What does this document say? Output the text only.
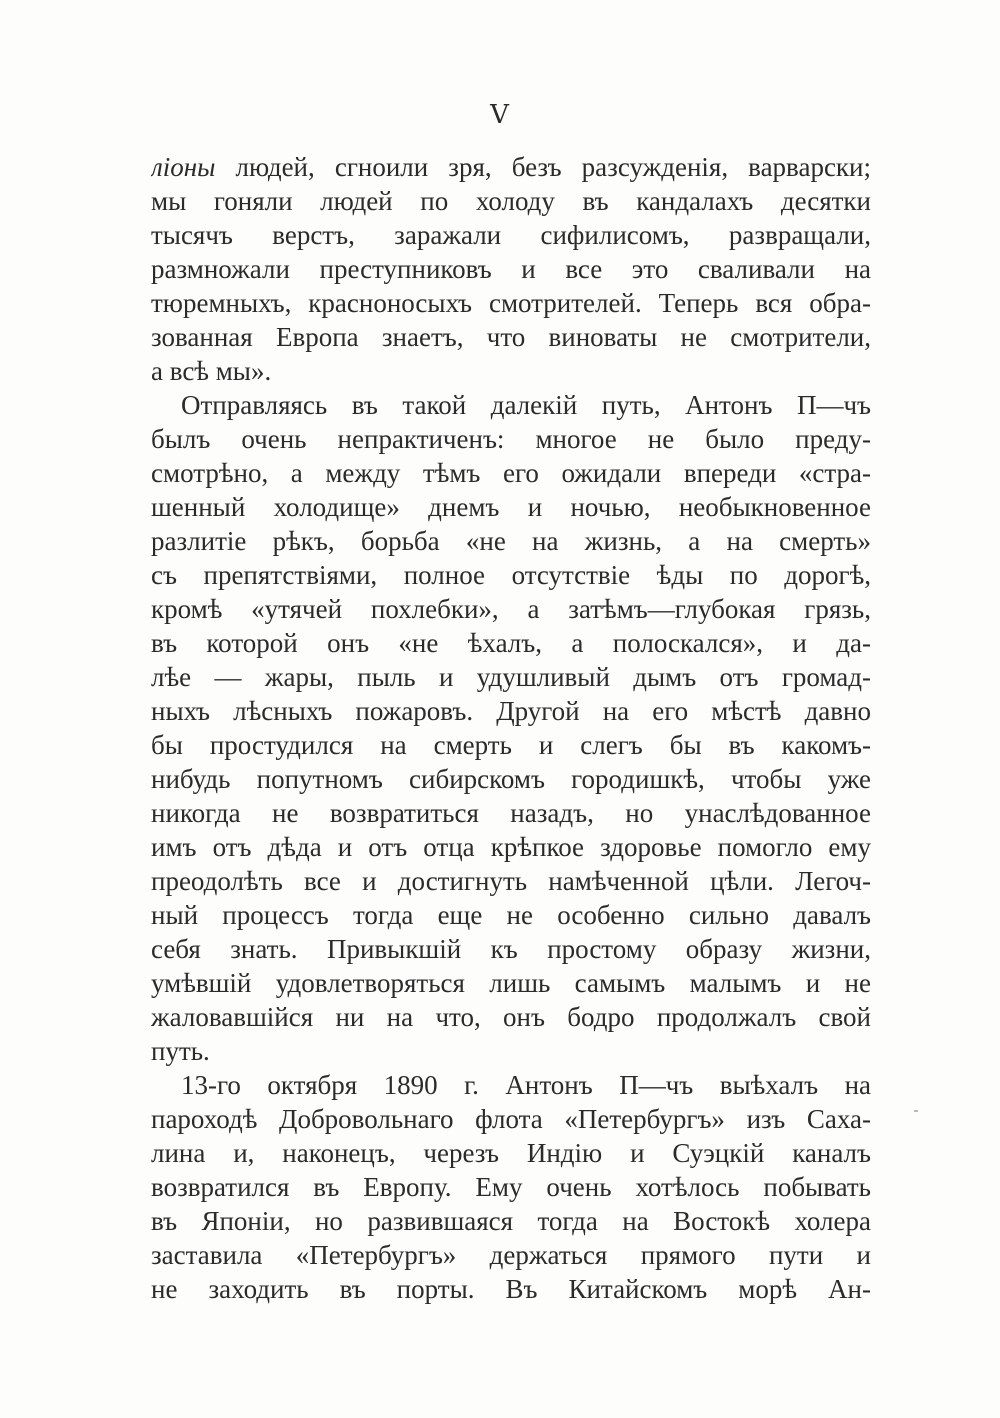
V
ліоны людей, сгноили зря, безъ разсужденія, варварски;
мы гоняли людей по холоду въ кандалахъ десятки
тысячъ верстъ, заражали сифилисомъ, развращали,
размножали преступниковъ и все это сваливали на
тюремныхъ, красноносыхъ смотрителей. Теперь вся обра-
зованная Европа знаетъ, что виноваты не смотрители,
а всѣ мы».
Отправляясь въ такой далекій путь, Антонъ П—чъ
былъ очень непрактиченъ: многое не было преду-
смотрѣно, а между тѣмъ его ожидали впереди «стра-
шенный холодище» днемъ и ночью, необыкновенное
разлитіе рѣкъ, борьба «не на жизнь, а на смерть»
съ препятствіями, полное отсутствіе ѣды по дорогѣ,
кромѣ «утячей похлебки», а затѣмъ—глубокая грязь,
въ которой онъ «не ѣхалъ, а полоскался», и да-
лѣе — жары, пыль и удушливый дымъ отъ громад-
ныхъ лѣсныхъ пожаровъ. Другой на его мѣстѣ давно
бы простудился на смерть и слегъ бы въ какомъ-
нибудь попутномъ сибирскомъ городишкѣ, чтобы уже
никогда не возвратиться назадъ, но унаслѣдованное
имъ отъ дѣда и отъ отца крѣпкое здоровье помогло ему
преодолѣть все и достигнуть намѣченной цѣли. Легоч-
ный процессъ тогда еще не особенно сильно давалъ
себя знать. Привыкшій къ простому образу жизни,
умѣвшій удовлетворяться лишь самымъ малымъ и не
жаловавшійся ни на что, онъ бодро продолжалъ свой
путь.
13-го октября 1890 г. Антонъ П—чъ выѣхалъ на
пароходѣ Добровольнаго флота «Петербургъ» изъ Саха-
лина и, наконецъ, черезъ Индію и Суэцкій каналъ
возвратился въ Европу. Ему очень хотѣлось побывать
въ Японіи, но развившаяся тогда на Востокѣ холера
заставила «Петербургъ» держаться прямого пути и
не заходить въ порты. Въ Китайскомъ морѣ Ан-
